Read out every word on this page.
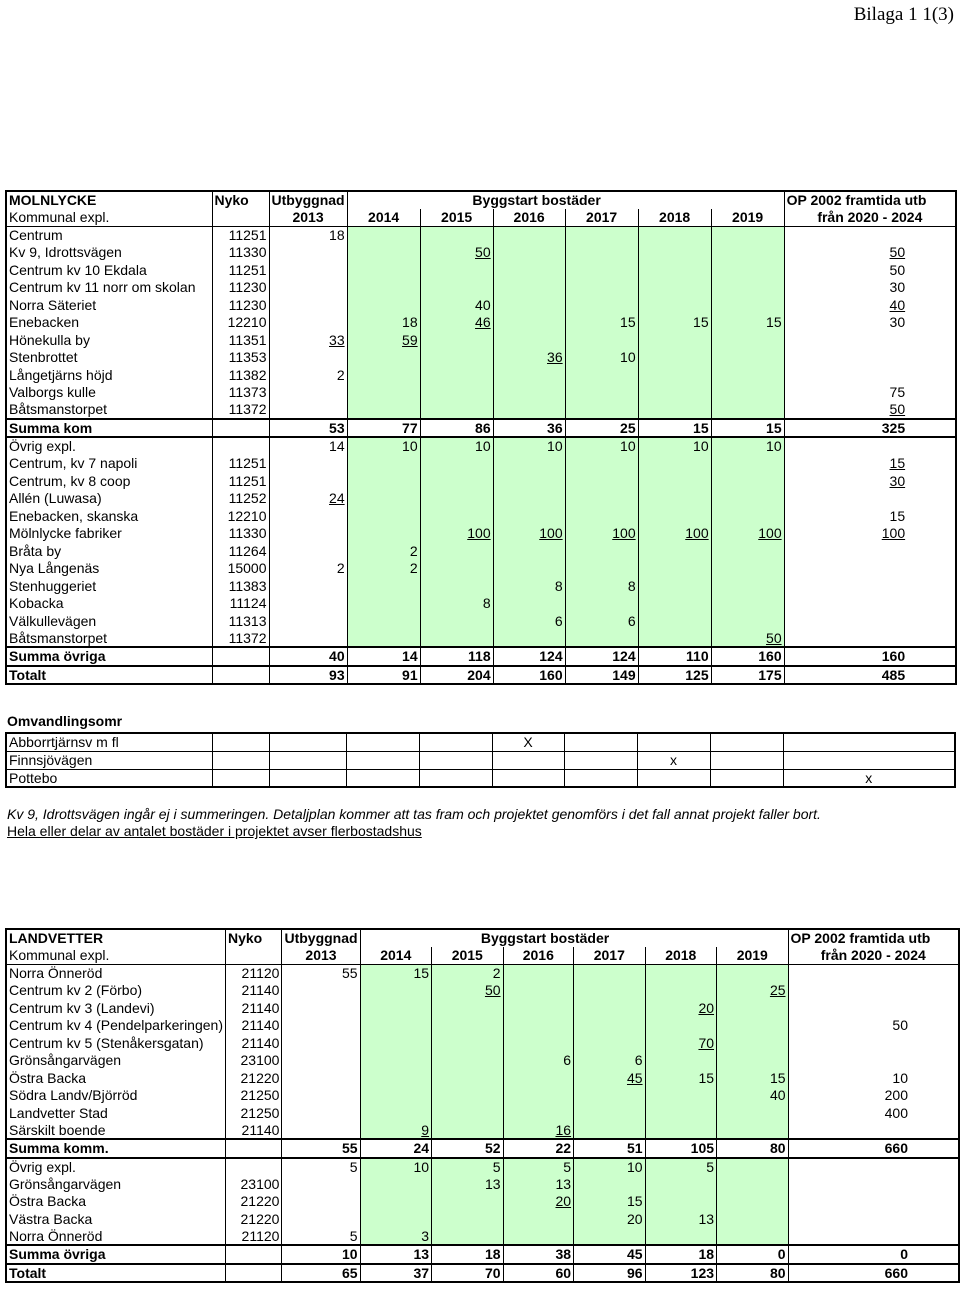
Bilaga 1 1(3)
MOLNLYCKE	Nyko	Utbyggnad	Byggstart bostäder						OP 2002 framtida utb
Kommunal expl.		2013	2014	2015	2016	2017	2018	2019	från 2020 - 2024
Centrum	11251	18							
Kv 9, Idrottsvägen	11330			50					50
Centrum kv 10 Ekdala	11251								50
Centrum kv 11 norr om skolan	11230								30
Norra Säteriet	11230			40					40
Enebacken	12210		18	46		15	15	15	30
Hönekulla by	11351	33	59						
Stenbrottet	11353				36	10			
Långetjärns höjd	11382	2							
Valborgs kulle	11373								75
Båtsmanstorpet	11372								50
Summa kom		53	77	86	36	25	15	15	325
Övrig expl.		14	10	10	10	10	10	10	
Centrum, kv 7 napoli	11251								15
Centrum, kv 8 coop	11251								30
Allén (Luwasa)	11252	24							
Enebacken, skanska	12210								15
Mölnlycke fabriker	11330			100	100	100	100	100	100
Bråta by	11264		2						
Nya Långenäs	15000	2	2						
Stenhuggeriet	11383				8	8			
Kobacka	11124			8					
Välkullevägen	11313				6	6			
Båtsmanstorpet	11372							50	
Summa övriga		40	14	118	124	124	110	160	160
Totalt		93	91	204	160	149	125	175	485
Omvandlingsomr
Abborrtjärnsv m fl					X				
Finnsjövägen							x		
Pottebo									x
Kv 9, Idrottsvägen ingår ej i summeringen. Detaljplan kommer att tas fram och projektet genomförs i det fall annat projekt faller bort.
Hela eller delar av antalet bostäder i projektet avser flerbostadshus
LANDVETTER	Nyko	Utbyggnad	Byggstart bostäder						OP 2002 framtida utb
Kommunal expl.		2013	2014	2015	2016	2017	2018	2019	från 2020 - 2024
Norra Önneröd	21120	55	15	2					
Centrum kv 2 (Förbo)	21140			50				25	
Centrum kv 3 (Landevi)	21140						20		
Centrum kv 4 (Pendelparkeringen)	21140								50
Centrum kv 5 (Stenåkersgatan)	21140						70		
Grönsångarvägen	23100				6	6			
Östra Backa	21220					45	15	15	10
Södra Landv/Björröd	21250							40	200
Landvetter Stad	21250								400
Särskilt boende	21140		9		16				
Summa komm.		55	24	52	22	51	105	80	660
Övrig expl.		5	10	5	5	10	5		
Grönsångarvägen	23100			13	13				
Östra Backa	21220				20	15			
Västra Backa	21220					20	13		
Norra Önneröd	21120	5	3						
Summa övriga		10	13	18	38	45	18	0	0
Totalt		65	37	70	60	96	123	80	660
